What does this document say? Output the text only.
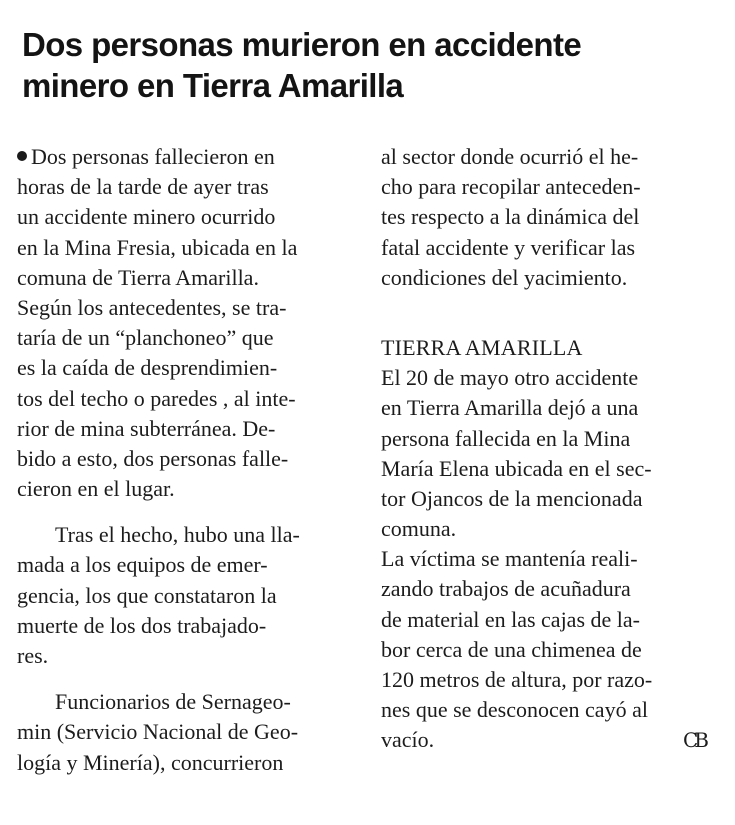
Dos personas murieron en accidente
minero en Tierra Amarilla
Dos personas fallecieron en
horas de la tarde de ayer tras
un accidente minero ocurrido
en la Mina Fresia, ubicada en la
comuna de Tierra Amarilla.
Según los antecedentes, se tra-
taría de un “planchoneo” que
es la caída de desprendimien-
tos del techo o paredes , al inte-
rior de mina subterránea. De-
bido a esto, dos personas falle-
cieron en el lugar.
Tras el hecho, hubo una lla-
mada a los equipos de emer-
gencia, los que constataron la
muerte de los dos trabajado-
res.
Funcionarios de Sernageo-
min (Servicio Nacional de Geo-
logía y Minería), concurrieron
al sector donde ocurrió el he-
cho para recopilar anteceden-
tes respecto a la dinámica del
fatal accidente y verificar las
condiciones del yacimiento.
TIERRA AMARILLA
El 20 de mayo otro accidente
en Tierra Amarilla dejó a una
persona fallecida en la Mina
María Elena ubicada en el sec-
tor Ojancos de la mencionada
comuna.
La víctima se mantenía reali-
zando trabajos de acuñadura
de material en las cajas de la-
bor cerca de una chimenea de
120 metros de altura, por razo-
nes que se desconocen cayó al
vacío.	CB
